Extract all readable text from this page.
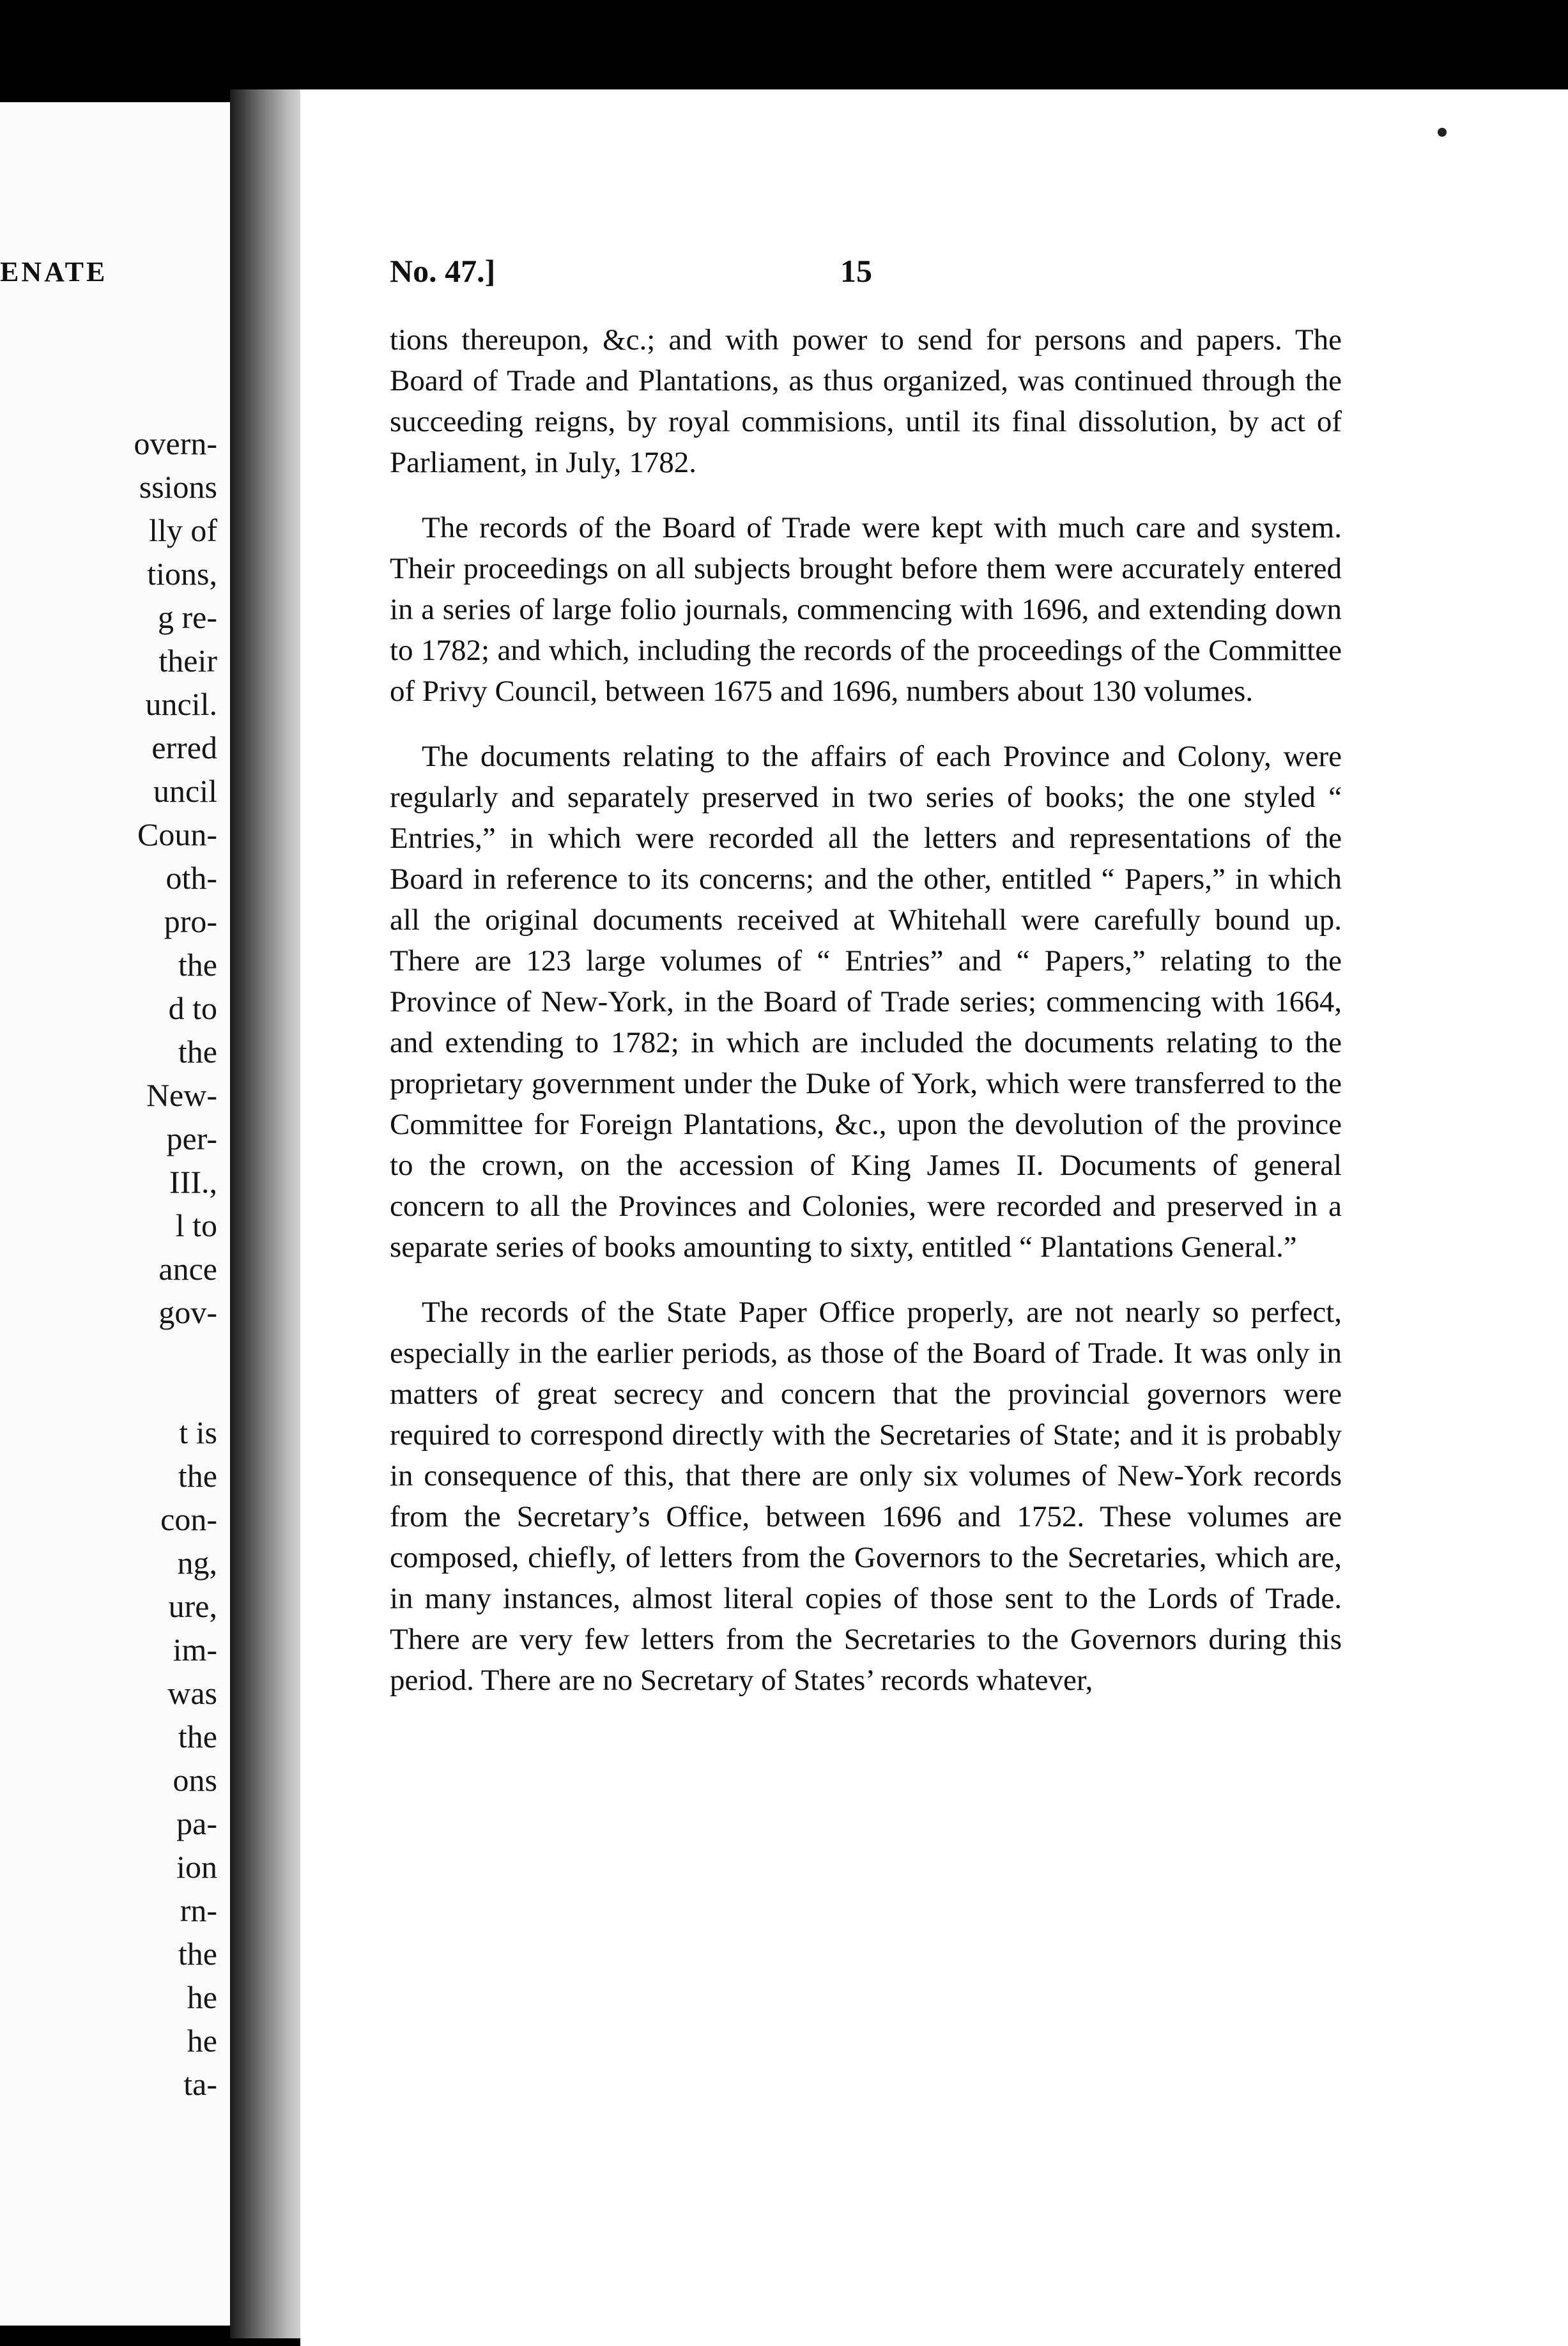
ENATE
overn-
ssions
lly of
tions,
g re-
their
uncil.
erred
uncil
Coun-
oth-
pro-
the
d to
the
New-
per-
III.,
l to
ance
gov-
t is
the
con-
ng,
ure,
im-
was
the
ons
pa-
ion
rn-
the
he
he
ta-
No. 47.]	15

tions thereupon, &c.; and with power to send for persons and papers. The Board of Trade and Plantations, as thus organized, was continued through the succeeding reigns, by royal commisions, until its final dissolution, by act of Parliament, in July, 1782.

The records of the Board of Trade were kept with much care and system. Their proceedings on all subjects brought before them were accurately entered in a series of large folio journals, commencing with 1696, and extending down to 1782; and which, including the records of the proceedings of the Committee of Privy Council, between 1675 and 1696, numbers about 130 volumes.

The documents relating to the affairs of each Province and Colony, were regularly and separately preserved in two series of books; the one styled “ Entries,” in which were recorded all the letters and representations of the Board in reference to its concerns; and the other, entitled “ Papers,” in which all the original documents received at Whitehall were carefully bound up. There are 123 large volumes of “ Entries” and “ Papers,” relating to the Province of New-York, in the Board of Trade series; commencing with 1664, and extending to 1782; in which are included the documents relating to the proprietary government under the Duke of York, which were transferred to the Committee for Foreign Plantations, &c., upon the devolution of the province to the crown, on the accession of King James II. Documents of general concern to all the Provinces and Colonies, were recorded and preserved in a separate series of books amounting to sixty, entitled “ Plantations General.”

The records of the State Paper Office properly, are not nearly so perfect, especially in the earlier periods, as those of the Board of Trade. It was only in matters of great secrecy and concern that the provincial governors were required to correspond directly with the Secretaries of State; and it is probably in consequence of this, that there are only six volumes of New-York records from the Secretary’s Office, between 1696 and 1752. These volumes are composed, chiefly, of letters from the Governors to the Secretaries, which are, in many instances, almost literal copies of those sent to the Lords of Trade. There are very few letters from the Secretaries to the Governors during this period. There are no Secretary of States’ records whatever,
